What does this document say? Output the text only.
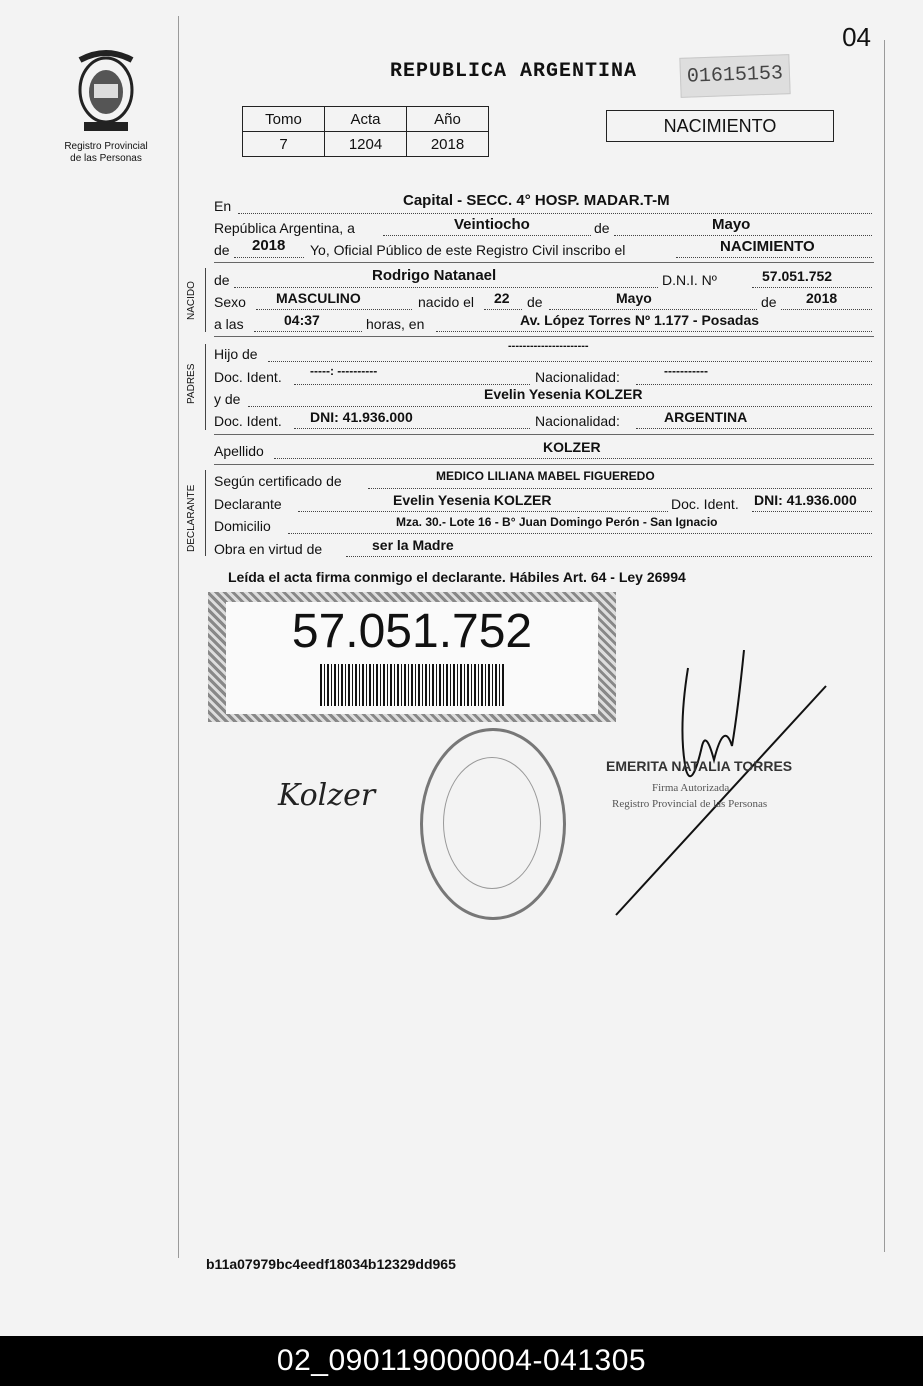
04
Registro Provincial
de las Personas
REPUBLICA ARGENTINA	01615153
Tomo	Acta	Año
7	1204	2018
NACIMIENTO
En	Capital - SECC. 4° HOSP. MADAR.T-M
República Argentina, a	Veintiocho	de	Mayo
de 2018 Yo, Oficial Público de este Registro Civil inscribo el	NACIMIENTO
NACIDO
de	Rodrigo Natanael	D.N.I. Nº	57.051.752
Sexo MASCULINO	nacido el 22 de	Mayo	de 2018
a las	04:37	horas, en	Av. López Torres Nº 1.177 - Posadas
PADRES
Hijo de	----------------------
Doc. Ident. -----: ----------	Nacionalidad:	-----------
y de	Evelin Yesenia KOLZER
Doc. Ident. DNI: 41.936.000	Nacionalidad:	ARGENTINA
Apellido	KOLZER
DECLARANTE
Según certificado de	MEDICO LILIANA MABEL FIGUEREDO
Declarante	Evelin Yesenia KOLZER	Doc. Ident. DNI: 41.936.000
Domicilio	Mza. 30.- Lote 16 - B° Juan Domingo Perón - San Ignacio
Obra en virtud de	ser la Madre
Leída el acta firma conmigo el declarante. Hábiles Art. 64 - Ley 26994
57.051.752
Kolzer
EMERITA NATALIA TORRES
Firma Autorizada
Registro Provincial de las Personas
b11a07979bc4eedf18034b12329dd965
02_090119000004-041305
